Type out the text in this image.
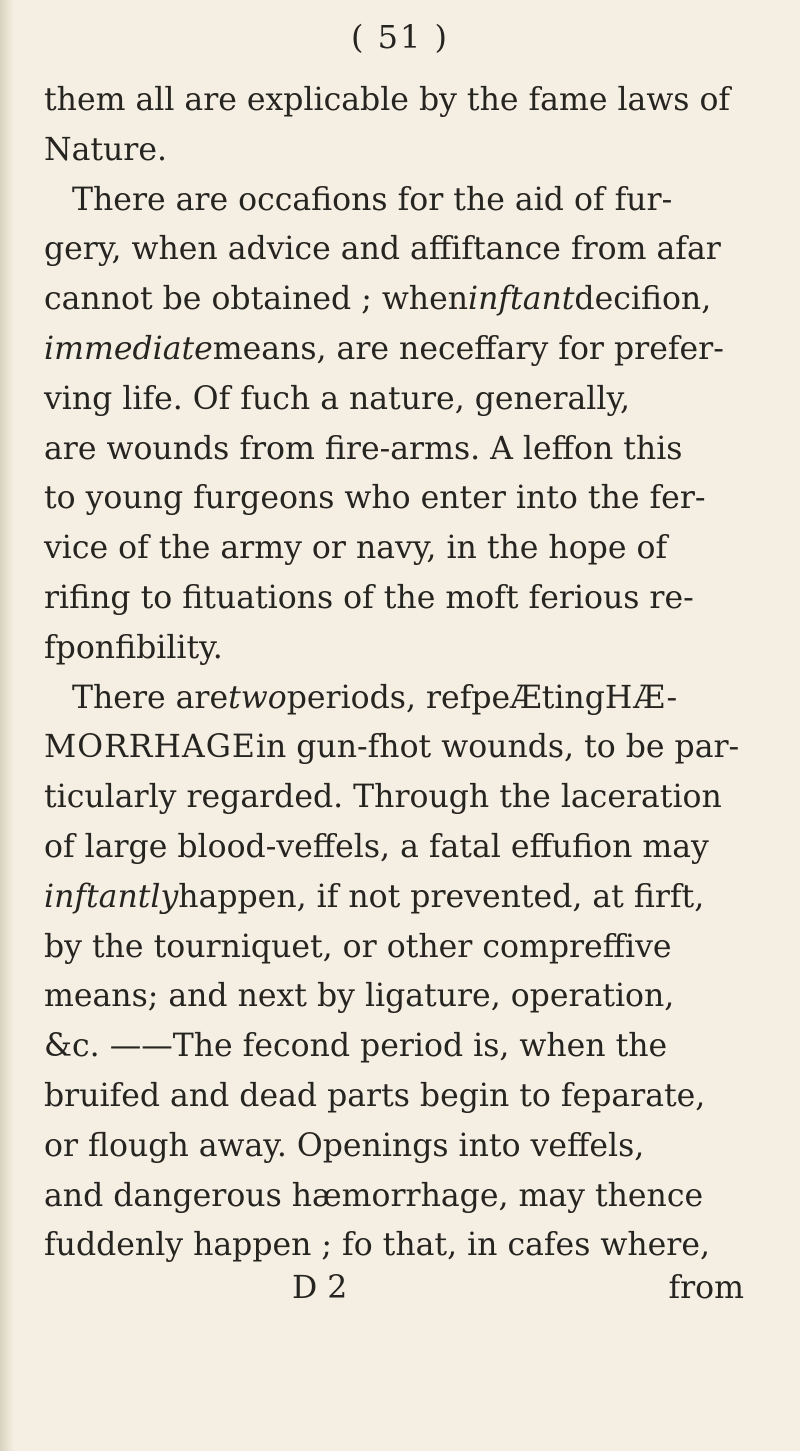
( 51 )
them all are explicable by the fame laws of
Nature.
There are occafions for the aid of fur-
gery, when advice and affiftance from afar
cannot be obtained ; wheninftantdecifion,
immediatemeans, are neceffary for prefer-
ving life. Of fuch a nature, generally,
are wounds from fire-arms. A leffon this
to young furgeons who enter into the fer-
vice of the army or navy, in the hope of
rifing to fituations of the moft ferious re-
fponfibility.
There aretwoperiods, refpeÆtingHÆ-
MORRHAGEin gun-fhot wounds, to be par-
ticularly regarded. Through the laceration
of large blood-veffels, a fatal effufion may
inftantlyhappen, if not prevented, at firft,
by the tourniquet, or other compreffive
means; and next by ligature, operation,
&c. ——The fecond period is, when the
bruifed and dead parts begin to feparate,
or flough away. Openings into veffels,
and dangerous hæmorrhage, may thence
fuddenly happen ; fo that, in cafes where,
D 2	from
